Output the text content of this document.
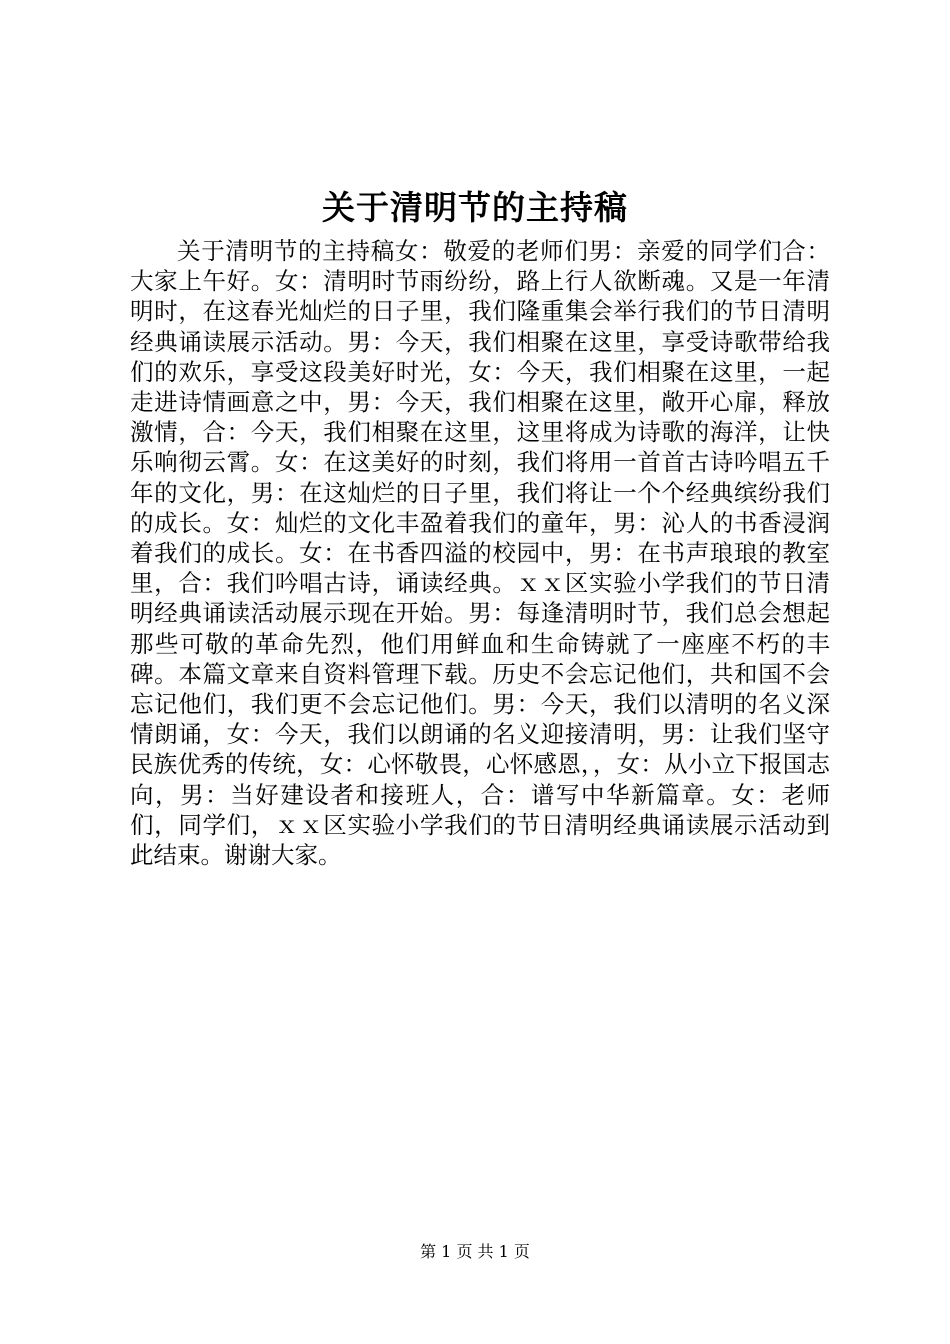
关于清明节的主持稿

关于清明节的主持稿女：敬爱的老师们男：亲爱的同学们合：大家上午好。女：清明时节雨纷纷，路上行人欲断魂。又是一年清明时，在这春光灿烂的日子里，我们隆重集会举行我们的节日清明经典诵读展示活动。男：今天，我们相聚在这里，享受诗歌带给我们的欢乐，享受这段美好时光，女：今天，我们相聚在这里，一起走进诗情画意之中，男：今天，我们相聚在这里，敞开心扉，释放激情，合：今天，我们相聚在这里，这里将成为诗歌的海洋，让快乐响彻云霄。女：在这美好的时刻，我们将用一首首古诗吟唱五千年的文化，男：在这灿烂的日子里，我们将让一个个经典缤纷我们的成长。女：灿烂的文化丰盈着我们的童年，男：沁人的书香浸润着我们的成长。女：在书香四溢的校园中，男：在书声琅琅的教室里，合：我们吟唱古诗，诵读经典。ｘｘ区实验小学我们的节日清明经典诵读活动展示现在开始。男：每逢清明时节，我们总会想起那些可敬的革命先烈，他们用鲜血和生命铸就了一座座不朽的丰碑。本篇文章来自资料管理下载。历史不会忘记他们，共和国不会忘记他们，我们更不会忘记他们。男：今天，我们以清明的名义深情朗诵，女：今天，我们以朗诵的名义迎接清明，男：让我们坚守民族优秀的传统，女：心怀敬畏，心怀感恩，，女：从小立下报国志向，男：当好建设者和接班人，合：谱写中华新篇章。女：老师们，同学们，ｘｘ区实验小学我们的节日清明经典诵读展示活动到此结束。谢谢大家。

第 1 页 共 1 页
